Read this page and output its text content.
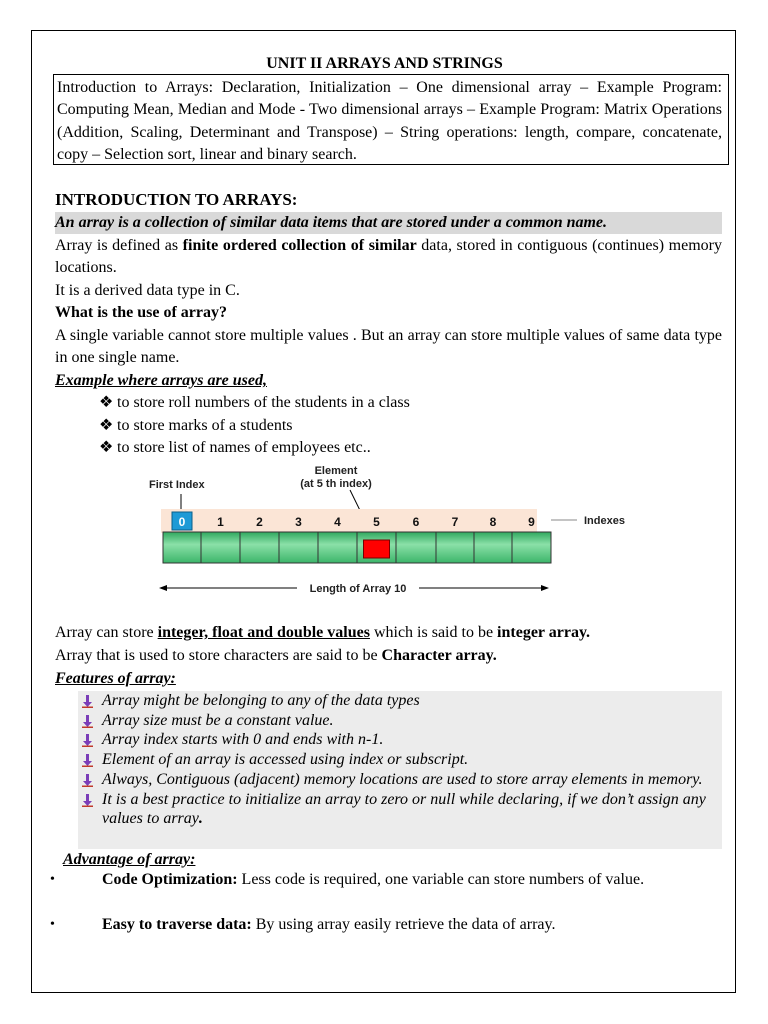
UNIT II ARRAYS AND STRINGS
Introduction to Arrays: Declaration, Initialization – One dimensional array – Example Program: Computing Mean, Median and Mode - Two dimensional arrays – Example Program: Matrix Operations (Addition, Scaling, Determinant and Transpose) – String operations: length, compare, concatenate, copy – Selection sort, linear and binary search.
INTRODUCTION TO ARRAYS:
An array is a collection of similar data items that are stored under a common name.
Array is defined as finite ordered collection of similar data, stored in contiguous (continues) memory locations.
It is a derived data type in C.
What is the use of array?
A single variable cannot store multiple values . But an array can store multiple values of same data type in one single name.
Example where arrays are used,
❖ to store roll numbers of the students in a class
❖ to store marks of a students
❖ to store list of names of employees etc..
First Index
Element
(at 5 th index)
0	1	2	3	4	5	6	7	8	9	Indexes
Length of Array 10
Array can store integer, float and double values which is said to be integer array.
Array that is used to store characters are said to be Character array.
Features of array:
Array might be belonging to any of the data types
Array size must be a constant value.
Array index starts with 0 and ends with n-1.
Element of an array is accessed using index or subscript.
Always, Contiguous (adjacent) memory locations are used to store array elements in memory.
It is a best practice to initialize an array to zero or null while declaring, if we don’t assign any values to array.
Advantage of array:
•	Code Optimization: Less code is required, one variable can store numbers of value.
•	Easy to traverse data: By using array easily retrieve the data of array.
